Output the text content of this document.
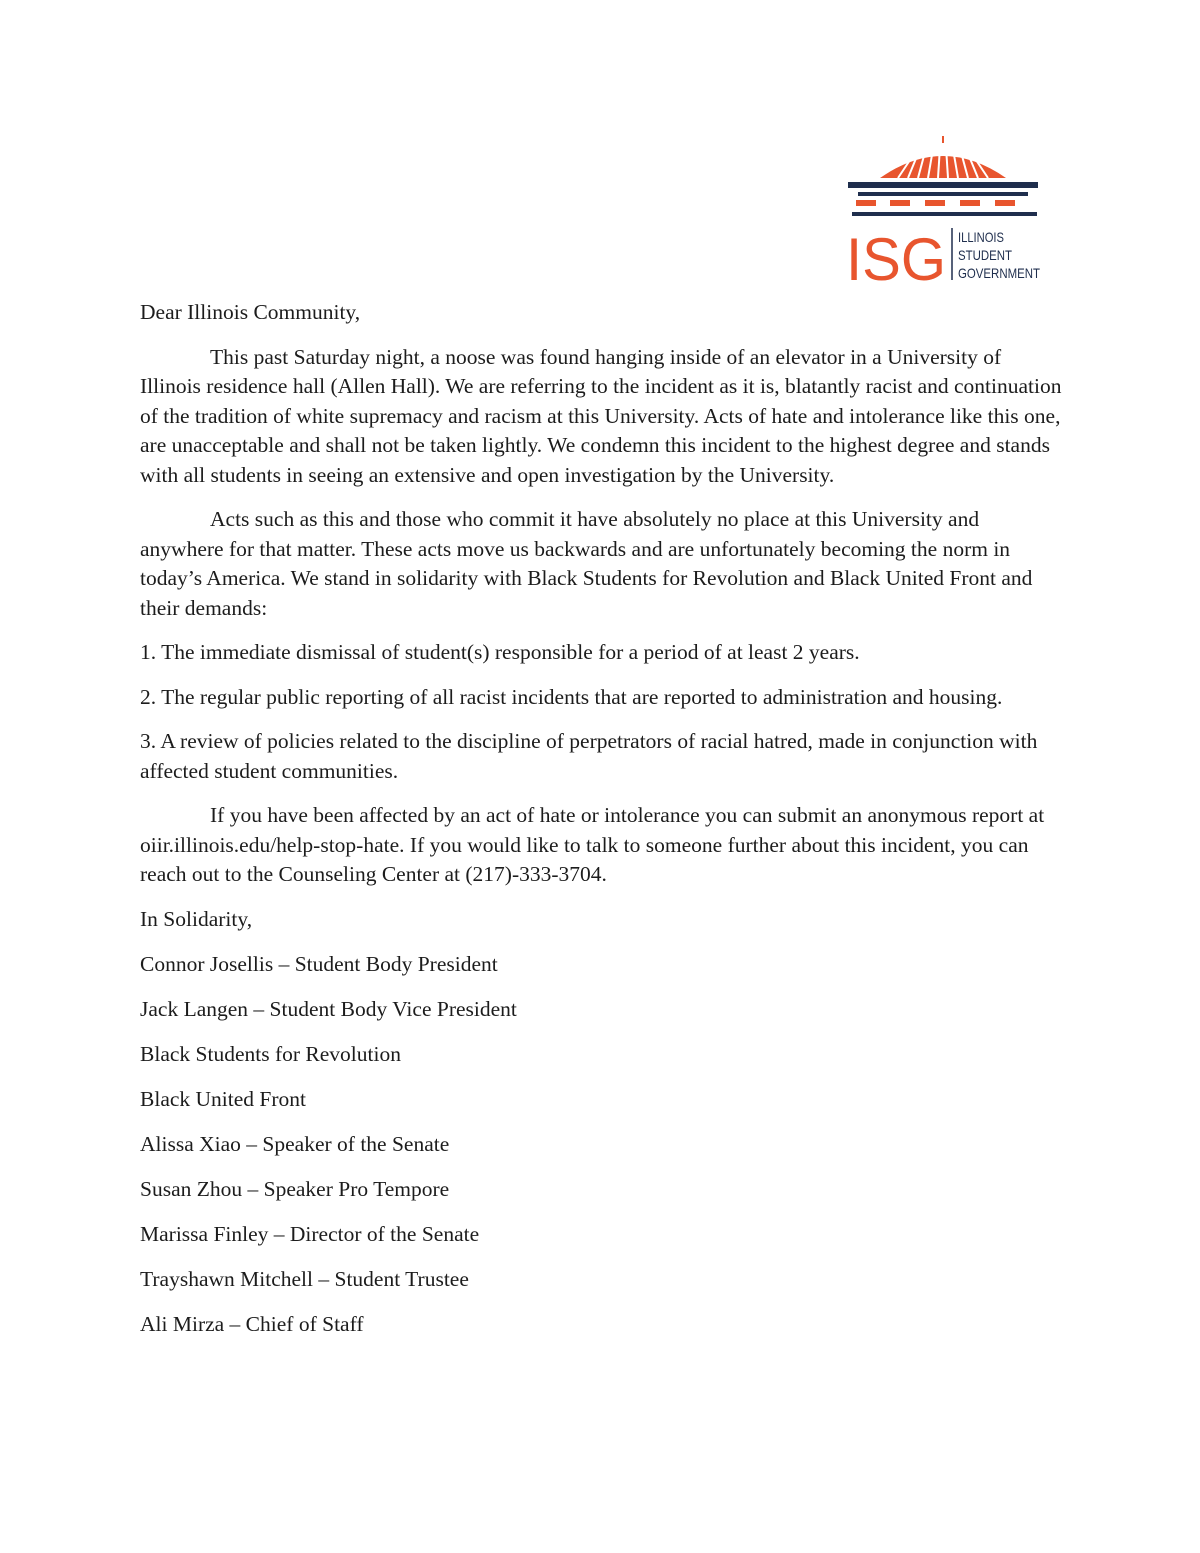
ISG ILLINOIS
STUDENT
GOVERNMENT

Dear Illinois Community,

This past Saturday night, a noose was found hanging inside of an elevator in a University of Illinois residence hall (Allen Hall). We are referring to the incident as it is, blatantly racist and continuation of the tradition of white supremacy and racism at this University. Acts of hate and intolerance like this one, are unacceptable and shall not be taken lightly. We condemn this incident to the highest degree and stands with all students in seeing an extensive and open investigation by the University.

Acts such as this and those who commit it have absolutely no place at this University and anywhere for that matter. These acts move us backwards and are unfortunately becoming the norm in today’s America. We stand in solidarity with Black Students for Revolution and Black United Front and their demands:

1. The immediate dismissal of student(s) responsible for a period of at least 2 years.

2. The regular public reporting of all racist incidents that are reported to administration and housing.

3. A review of policies related to the discipline of perpetrators of racial hatred, made in conjunction with affected student communities.

If you have been affected by an act of hate or intolerance you can submit an anonymous report at oiir.illinois.edu/help-stop-hate. If you would like to talk to someone further about this incident, you can reach out to the Counseling Center at (217)-333-3704.

In Solidarity,

Connor Josellis – Student Body President

Jack Langen – Student Body Vice President

Black Students for Revolution

Black United Front

Alissa Xiao – Speaker of the Senate

Susan Zhou – Speaker Pro Tempore

Marissa Finley – Director of the Senate

Trayshawn Mitchell – Student Trustee

Ali Mirza – Chief of Staff
